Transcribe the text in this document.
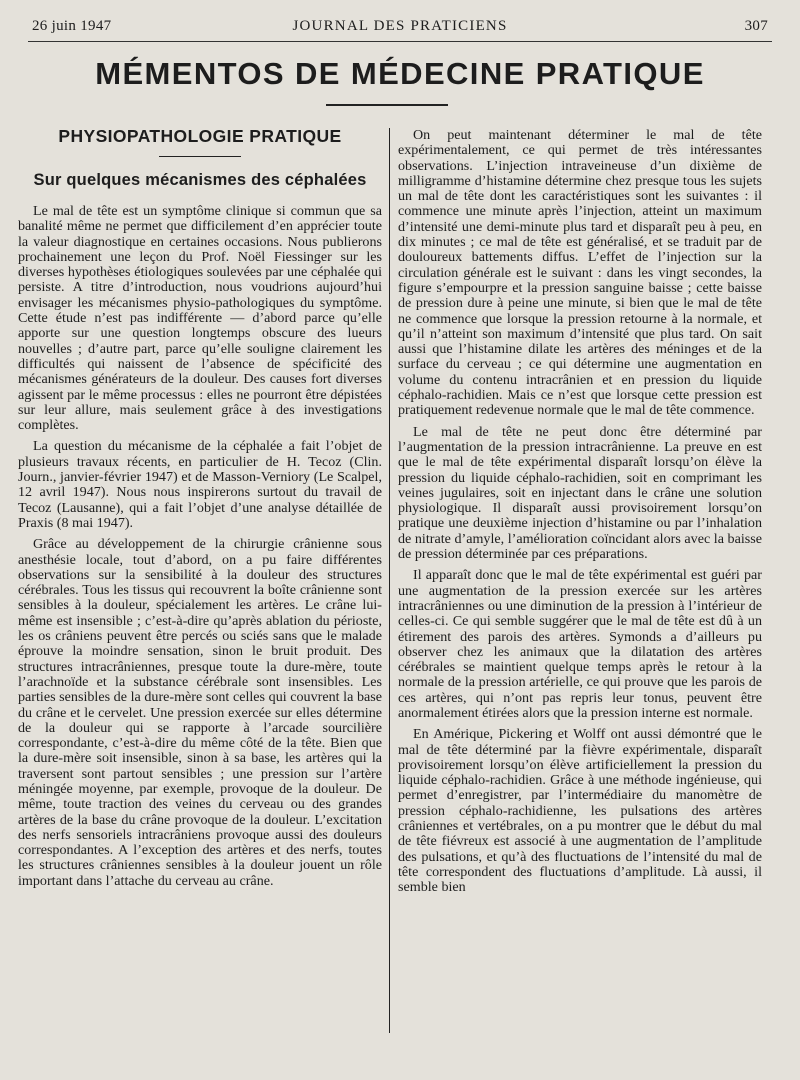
26 juin 1947	JOURNAL DES PRATICIENS	307
MÉMENTOS DE MÉDECINE PRATIQUE
PHYSIOPATHOLOGIE PRATIQUE
Sur quelques mécanismes des céphalées

Le mal de tête est un symptôme clinique si commun que sa banalité même ne permet que difficilement d’en apprécier toute la valeur diagnostique en certaines occasions. Nous publierons prochainement une leçon du Prof. Noël Fiessinger sur les diverses hypothèses étiologiques soulevées par une céphalée qui persiste. A titre d’introduction, nous voudrions aujourd’hui envisager les mécanismes physio-pathologiques du symptôme. Cette étude n’est pas indifférente — d’abord parce qu’elle apporte sur une question longtemps obscure des lueurs nouvelles ; d’autre part, parce qu’elle souligne clairement les difficultés qui naissent de l’absence de spécificité des mécanismes générateurs de la douleur. Des causes fort diverses agissent par le même processus : elles ne pourront être dépistées sur leur allure, mais seulement grâce à des investigations complètes.

La question du mécanisme de la céphalée a fait l’objet de plusieurs travaux récents, en particulier de H. Tecoz (Clin. Journ., janvier-février 1947) et de Masson-Verniory (Le Scalpel, 12 avril 1947). Nous nous inspirerons surtout du travail de Tecoz (Lausanne), qui a fait l’objet d’une analyse détaillée de Praxis (8 mai 1947).

Grâce au développement de la chirurgie crânienne sous anesthésie locale, tout d’abord, on a pu faire différentes observations sur la sensibilité à la douleur des structures cérébrales. Tous les tissus qui recouvrent la boîte crânienne sont sensibles à la douleur, spécialement les artères. Le crâne lui-même est insensible ; c’est-à-dire qu’après ablation du périoste, les os crâniens peuvent être percés ou sciés sans que le malade éprouve la moindre sensation, sinon le bruit produit. Des structures intracrâniennes, presque toute la dure-mère, toute l’arachnoïde et la substance cérébrale sont insensibles. Les parties sensibles de la dure-mère sont celles qui couvrent la base du crâne et le cervelet. Une pression exercée sur elles détermine de la douleur qui se rapporte à l’arcade sourcilière correspondante, c’est-à-dire du même côté de la tête. Bien que la dure-mère soit insensible, sinon à sa base, les artères qui la traversent sont partout sensibles ; une pression sur l’artère méningée moyenne, par exemple, provoque de la douleur. De même, toute traction des veines du cerveau ou des grandes artères de la base du crâne provoque de la douleur. L’excitation des nerfs sensoriels intracrâniens provoque aussi des douleurs correspondantes. A l’exception des artères et des nerfs, toutes les structures crâniennes sensibles à la douleur jouent un rôle important dans l’attache du cerveau au crâne.

On peut maintenant déterminer le mal de tête expérimentalement, ce qui permet de très intéressantes observations. L’injection intraveineuse d’un dixième de milligramme d’histamine détermine chez presque tous les sujets un mal de tête dont les caractéristiques sont les suivantes : il commence une minute après l’injection, atteint un maximum d’intensité une demi-minute plus tard et disparaît peu à peu, en dix minutes ; ce mal de tête est généralisé, et se traduit par de douloureux battements diffus. L’effet de l’injection sur la circulation générale est le suivant : dans les vingt secondes, la figure s’empourpre et la pression sanguine baisse ; cette baisse de pression dure à peine une minute, si bien que le mal de tête ne commence que lorsque la pression retourne à la normale, et qu’il n’atteint son maximum d’intensité que plus tard. On sait aussi que l’histamine dilate les artères des méninges et de la surface du cerveau ; ce qui détermine une augmentation en volume du contenu intracrânien et en pression du liquide céphalo-rachidien. Mais ce n’est que lorsque cette pression est pratiquement redevenue normale que le mal de tête commence.

Le mal de tête ne peut donc être déterminé par l’augmentation de la pression intracrânienne. La preuve en est que le mal de tête expérimental disparaît lorsqu’on élève la pression du liquide céphalo-rachidien, soit en comprimant les veines jugulaires, soit en injectant dans le crâne une solution physiologique. Il disparaît aussi provisoirement lorsqu’on pratique une deuxième injection d’histamine ou par l’inhalation de nitrate d’amyle, l’amélioration coïncidant alors avec la baisse de pression déterminée par ces préparations.

Il apparaît donc que le mal de tête expérimental est guéri par une augmentation de la pression exercée sur les artères intracrâniennes ou une diminution de la pression à l’intérieur de celles-ci. Ce qui semble suggérer que le mal de tête est dû à un étirement des parois des artères. Symonds a d’ailleurs pu observer chez les animaux que la dilatation des artères cérébrales se maintient quelque temps après le retour à la normale de la pression artérielle, ce qui prouve que les parois de ces artères, qui n’ont pas repris leur tonus, peuvent être anormalement étirées alors que la pression interne est normale.

En Amérique, Pickering et Wolff ont aussi démontré que le mal de tête déterminé par la fièvre expérimentale, disparaît provisoirement lorsqu’on élève artificiellement la pression du liquide céphalo-rachidien. Grâce à une méthode ingénieuse, qui permet d’enregistrer, par l’intermédiaire du manomètre de pression céphalo-rachidienne, les pulsations des artères crâniennes et vertébrales, on a pu montrer que le début du mal de tête fiévreux est associé à une augmentation de l’amplitude des pulsations, et qu’à des fluctuations de l’intensité du mal de tête correspondent des fluctuations d’amplitude. Là aussi, il semble bien
